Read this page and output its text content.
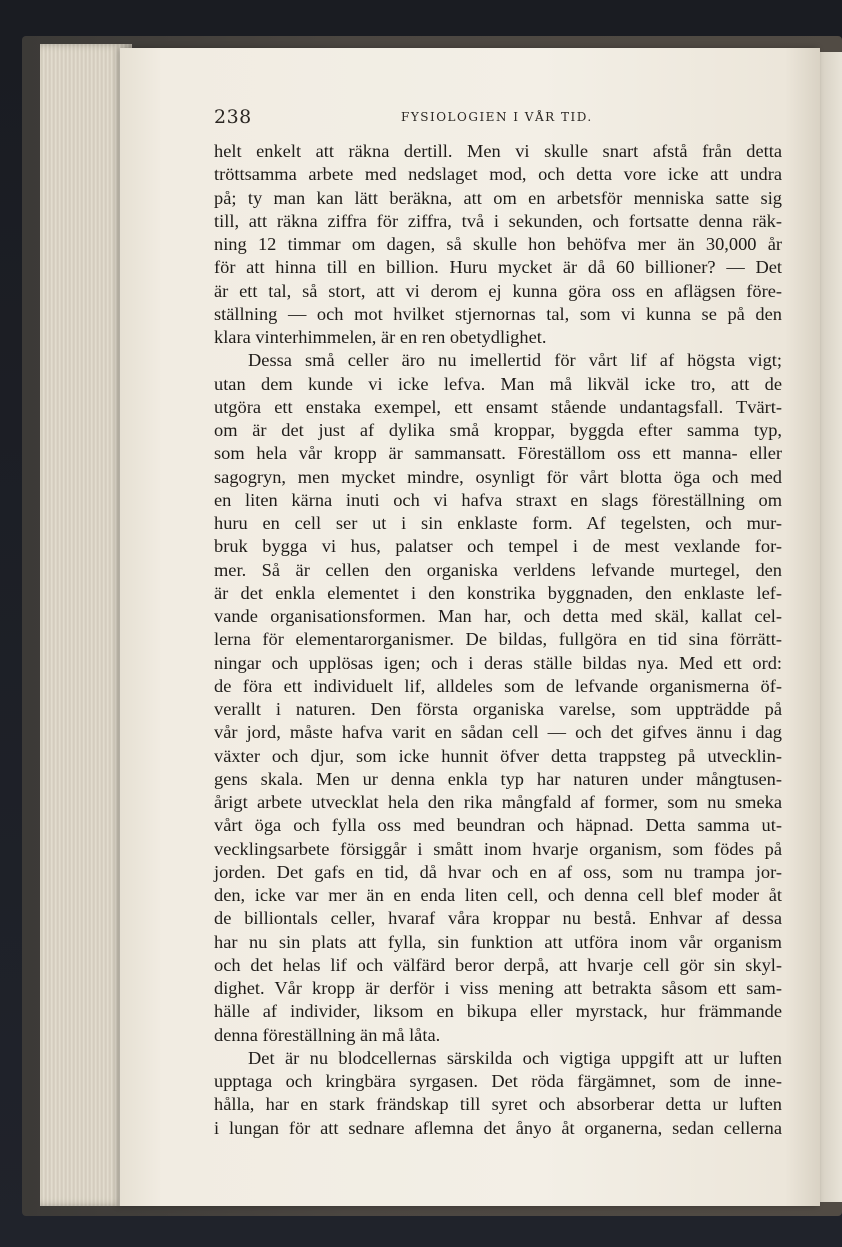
238	FYSIOLOGIEN I VÅR TID.
helt enkelt att räkna dertill. Men vi skulle snart afstå från detta
tröttsamma arbete med nedslaget mod, och detta vore icke att undra
på; ty man kan lätt beräkna, att om en arbetsför menniska satte sig
till, att räkna ziffra för ziffra, två i sekunden, och fortsatte denna räk-
ning 12 timmar om dagen, så skulle hon behöfva mer än 30,000 år
för att hinna till en billion. Huru mycket är då 60 billioner? — Det
är ett tal, så stort, att vi derom ej kunna göra oss en aflägsen före-
ställning — och mot hvilket stjernornas tal, som vi kunna se på den
klara vinterhimmelen, är en ren obetydlighet.
Dessa små celler äro nu imellertid för vårt lif af högsta vigt;
utan dem kunde vi icke lefva. Man må likväl icke tro, att de
utgöra ett enstaka exempel, ett ensamt stående undantagsfall. Tvärt-
om är det just af dylika små kroppar, byggda efter samma typ,
som hela vår kropp är sammansatt. Föreställom oss ett manna- eller
sagogryn, men mycket mindre, osynligt för vårt blotta öga och med
en liten kärna inuti och vi hafva straxt en slags föreställning om
huru en cell ser ut i sin enklaste form. Af tegelsten, och mur-
bruk bygga vi hus, palatser och tempel i de mest vexlande for-
mer. Så är cellen den organiska verldens lefvande murtegel, den
är det enkla elementet i den konstrika byggnaden, den enklaste lef-
vande organisationsformen. Man har, och detta med skäl, kallat cel-
lerna för elementarorganismer. De bildas, fullgöra en tid sina förrätt-
ningar och upplösas igen; och i deras ställe bildas nya. Med ett ord:
de föra ett individuelt lif, alldeles som de lefvande organismerna öf-
verallt i naturen. Den första organiska varelse, som uppträdde på
vår jord, måste hafva varit en sådan cell — och det gifves ännu i dag
växter och djur, som icke hunnit öfver detta trappsteg på utvecklin-
gens skala. Men ur denna enkla typ har naturen under mångtusen-
årigt arbete utvecklat hela den rika mångfald af former, som nu smeka
vårt öga och fylla oss med beundran och häpnad. Detta samma ut-
vecklingsarbete försiggår i smått inom hvarje organism, som födes på
jorden. Det gafs en tid, då hvar och en af oss, som nu trampa jor-
den, icke var mer än en enda liten cell, och denna cell blef moder åt
de billiontals celler, hvaraf våra kroppar nu bestå. Enhvar af dessa
har nu sin plats att fylla, sin funktion att utföra inom vår organism
och det helas lif och välfärd beror derpå, att hvarje cell gör sin skyl-
dighet. Vår kropp är derför i viss mening att betrakta såsom ett sam-
hälle af individer, liksom en bikupa eller myrstack, hur främmande
denna föreställning än må låta.
Det är nu blodcellernas särskilda och vigtiga uppgift att ur luften
upptaga och kringbära syrgasen. Det röda färgämnet, som de inne-
hålla, har en stark frändskap till syret och absorberar detta ur luften
i lungan för att sednare aflemna det ånyo åt organerna, sedan cellerna
